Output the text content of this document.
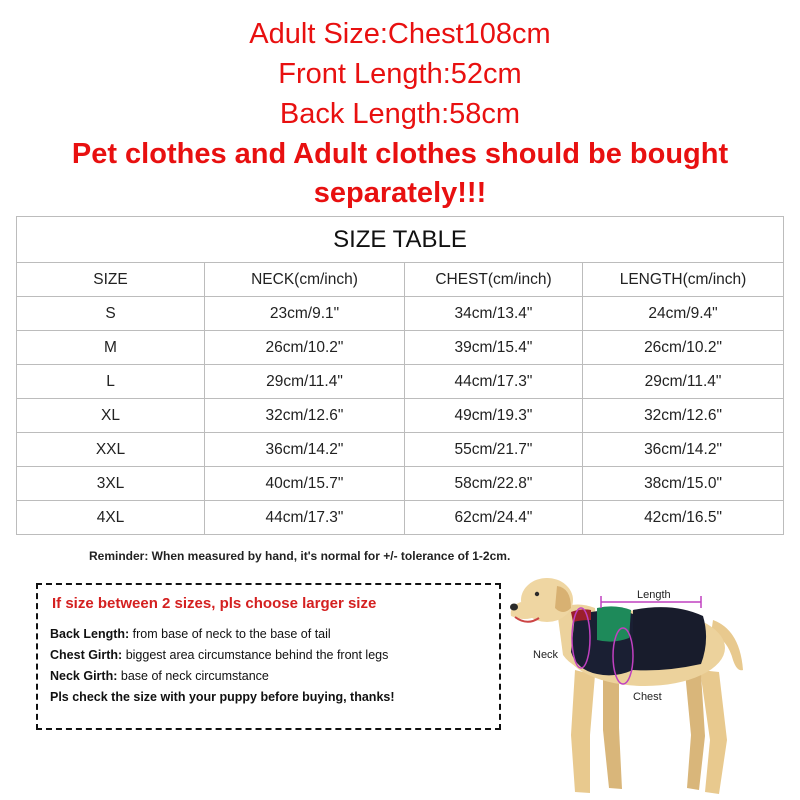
Adult Size:Chest108cm
Front Length:52cm
Back Length:58cm
Pet clothes and Adult clothes should be bought
separately!!!
SIZE TABLE			
SIZE	NECK(cm/inch)	CHEST(cm/inch)	LENGTH(cm/inch)
S	23cm/9.1"	34cm/13.4"	24cm/9.4"
M	26cm/10.2"	39cm/15.4"	26cm/10.2"
L	29cm/11.4"	44cm/17.3"	29cm/11.4"
XL	32cm/12.6"	49cm/19.3"	32cm/12.6"
XXL	36cm/14.2"	55cm/21.7"	36cm/14.2"
3XL	40cm/15.7"	58cm/22.8"	38cm/15.0"
4XL	44cm/17.3"	62cm/24.4"	42cm/16.5"
Reminder: When measured by hand, it's normal for +/- tolerance of 1-2cm.
If size between 2 sizes, pls choose larger size
Back Length: from base of neck to the base of tail
Chest Girth: biggest area circumstance behind the front legs
Neck Girth: base of neck circumstance
Pls check the size with your puppy before buying, thanks!
Length
Neck
Chest
